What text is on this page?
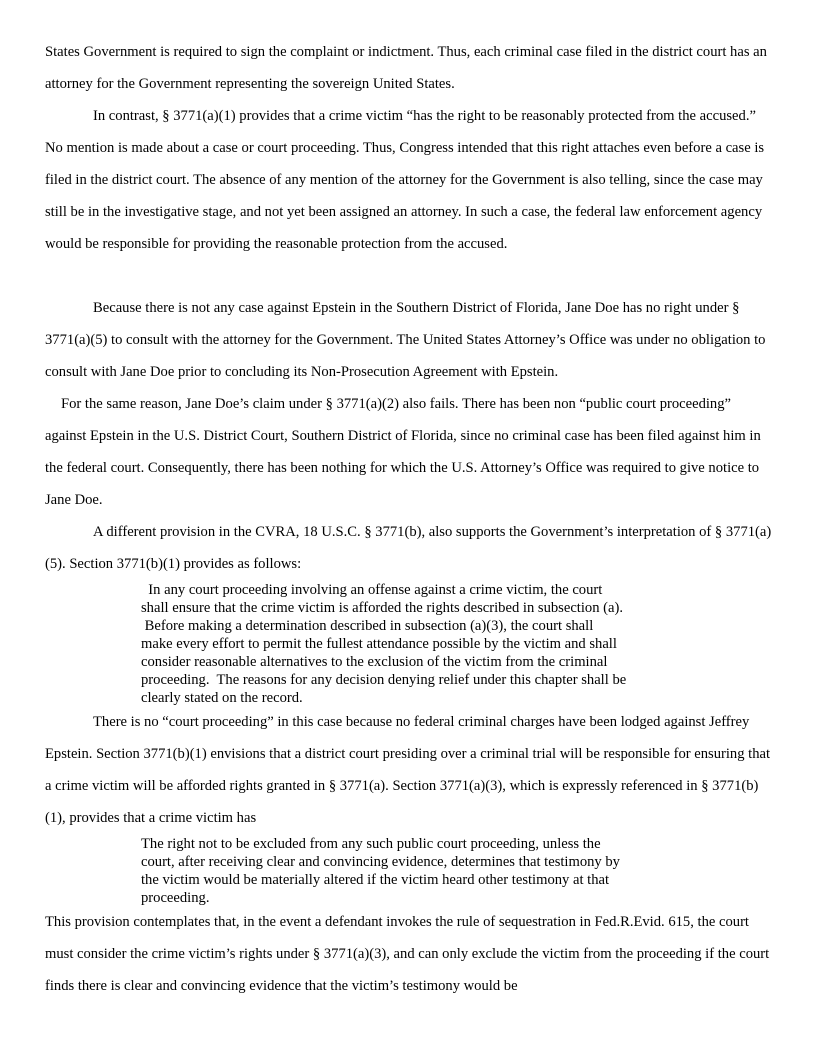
States Government is required to sign the complaint or indictment. Thus, each criminal case filed in the district court has an attorney for the Government representing the sovereign United States.

In contrast, § 3771(a)(1) provides that a crime victim “has the right to be reasonably protected from the accused.” No mention is made about a case or court proceeding. Thus, Congress intended that this right attaches even before a case is filed in the district court. The absence of any mention of the attorney for the Government is also telling, since the case may still be in the investigative stage, and not yet been assigned an attorney. In such a case, the federal law enforcement agency would be responsible for providing the reasonable protection from the accused.

Because there is not any case against Epstein in the Southern District of Florida, Jane Doe has no right under § 3771(a)(5) to consult with the attorney for the Government. The United States Attorney’s Office was under no obligation to consult with Jane Doe prior to concluding its Non-Prosecution Agreement with Epstein.

For the same reason, Jane Doe’s claim under § 3771(a)(2) also fails. There has been non “public court proceeding” against Epstein in the U.S. District Court, Southern District of Florida, since no criminal case has been filed against him in the federal court. Consequently, there has been nothing for which the U.S. Attorney’s Office was required to give notice to Jane Doe.

A different provision in the CVRA, 18 U.S.C. § 3771(b), also supports the Government’s interpretation of § 3771(a)(5). Section 3771(b)(1) provides as follows:

In any court proceeding involving an offense against a crime victim, the court
shall ensure that the crime victim is afforded the rights described in subsection (a).
Before making a determination described in subsection (a)(3), the court shall
make every effort to permit the fullest attendance possible by the victim and shall
consider reasonable alternatives to the exclusion of the victim from the criminal
proceeding.  The reasons for any decision denying relief under this chapter shall be
clearly stated on the record.

There is no “court proceeding” in this case because no federal criminal charges have been lodged against Jeffrey Epstein. Section 3771(b)(1) envisions that a district court presiding over a criminal trial will be responsible for ensuring that a crime victim will be afforded rights granted in § 3771(a). Section 3771(a)(3), which is expressly referenced in § 3771(b)(1), provides that a crime victim has

The right not to be excluded from any such public court proceeding, unless the
court, after receiving clear and convincing evidence, determines that testimony by
the victim would be materially altered if the victim heard other testimony at that
proceeding.

This provision contemplates that, in the event a defendant invokes the rule of sequestration in Fed.R.Evid. 615, the court must consider the crime victim’s rights under § 3771(a)(3), and can only exclude the victim from the proceeding if the court finds there is clear and convincing evidence that the victim’s testimony would be
